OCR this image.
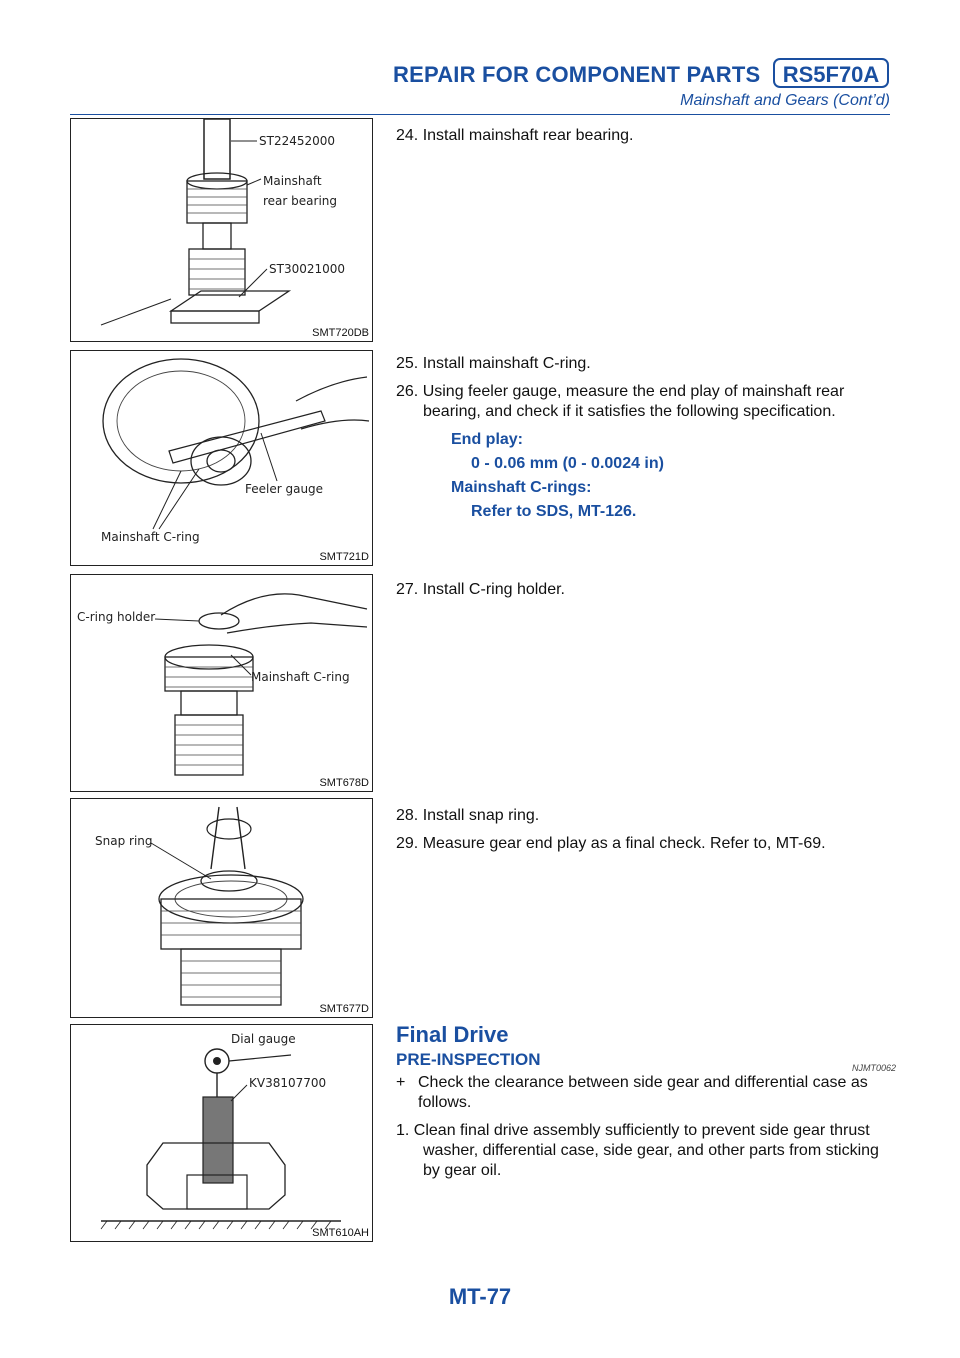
REPAIR FOR COMPONENT PARTS	RS5F70A
Mainshaft and Gears (Cont’d)
ST22452000
Mainshaft
rear bearing
ST30021000
SMT720DB
Feeler gauge
Mainshaft C-ring
SMT721D
C-ring holder
Mainshaft C-ring
SMT678D
Snap ring
SMT677D
Dial gauge
KV38107700
SMT610AH

24. Install mainshaft rear bearing.

25. Install mainshaft C-ring.

26. Using feeler gauge, measure the end play of mainshaft rear bearing, and check if it satisfies the following specification.

End play:

0 - 0.06 mm (0 - 0.0024 in)

Mainshaft C-rings:

Refer to SDS, MT-126.

27. Install C-ring holder.

28. Install snap ring.

29. Measure gear end play as a final check. Refer to, MT-69.

Final Drive
PRE-INSPECTION	NJMT0062

+ Check the clearance between side gear and differential case as follows.

1. Clean final drive assembly sufficiently to prevent side gear thrust washer, differential case, side gear, and other parts from sticking by gear oil.

MT-77
